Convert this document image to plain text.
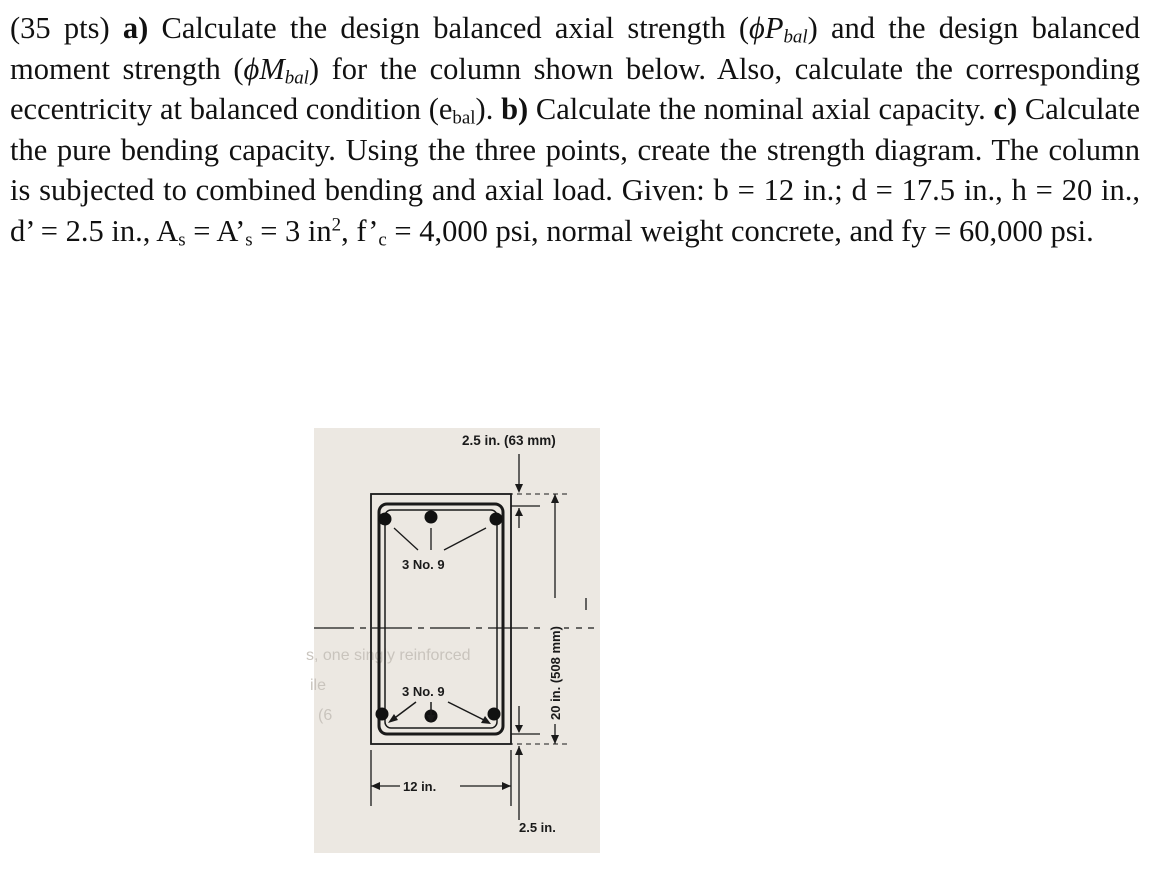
(35 pts) a) Calculate the design balanced axial strength $(\phi P_{bal})$ and the design balanced moment strength $(\phi M_{bal})$ for the column shown below. Also, calculate the corresponding eccentricity at balanced condition $(e_{bal})$. b) Calculate the nominal axial capacity. c) Calculate the pure bending capacity. Using the three points, create the strength diagram. The column is subjected to combined bending and axial load. Given: b = 12 in.; d = 17.5 in., h = 20 in., d’ = 2.5 in., $A_s$ = $A’_s = 3$ $in^2$, $f’_c = 4,000$ psi, normal weight concrete, and fy = 60,000 psi.
s, one singly reinforced
ile
(6
3 No. 9
3 No. 9
2.5 in. (63 mm)
20 in. (508 mm)
2.5 in.
12 in.
